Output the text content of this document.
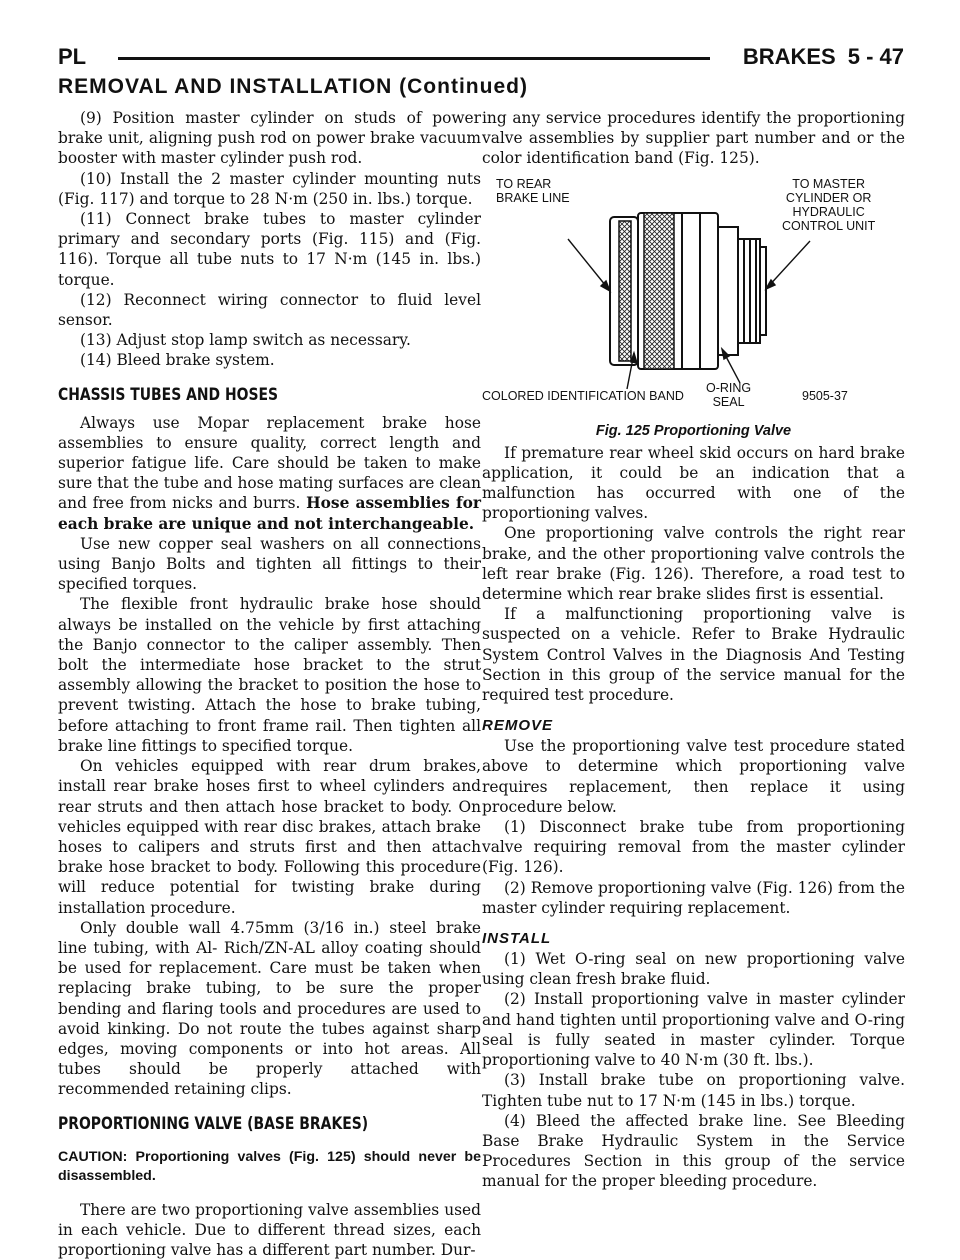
PL	BRAKES 5 - 47
REMOVAL AND INSTALLATION (Continued)

(9) Position master cylinder on studs of power brake unit, aligning push rod on power brake vacuum booster with master cylinder push rod.

(10) Install the 2 master cylinder mounting nuts (Fig. 117) and torque to 28 N·m (250 in. lbs.) torque.

(11) Connect brake tubes to master cylinder primary and secondary ports (Fig. 115) and (Fig. 116). Torque all tube nuts to 17 N·m (145 in. lbs.) torque.

(12) Reconnect wiring connector to fluid level sensor.

(13) Adjust stop lamp switch as necessary.

(14) Bleed brake system.

CHASSIS TUBES AND HOSES

Always use Mopar replacement brake hose assemblies to ensure quality, correct length and superior fatigue life. Care should be taken to make sure that the tube and hose mating surfaces are clean and free from nicks and burrs. Hose assemblies for each brake are unique and not interchangeable.

Use new copper seal washers on all connections using Banjo Bolts and tighten all fittings to their specified torques.

The flexible front hydraulic brake hose should always be installed on the vehicle by first attaching the Banjo connector to the caliper assembly. Then bolt the intermediate hose bracket to the strut assembly allowing the bracket to position the hose to prevent twisting. Attach the hose to brake tubing, before attaching to front frame rail. Then tighten all brake line fittings to specified torque.

On vehicles equipped with rear drum brakes, install rear brake hoses first to wheel cylinders and rear struts and then attach hose bracket to body. On vehicles equipped with rear disc brakes, attach brake hoses to calipers and struts first and then attach brake hose bracket to body. Following this procedure will reduce potential for twisting brake during installation procedure.

Only double wall 4.75mm (3/16 in.) steel brake line tubing, with Al- Rich/ZN-AL alloy coating should be used for replacement. Care must be taken when replacing brake tubing, to be sure the proper bending and flaring tools and procedures are used to avoid kinking. Do not route the tubes against sharp edges, moving components or into hot areas. All tubes should be properly attached with recommended retaining clips.

PROPORTIONING VALVE (BASE BRAKES)

CAUTION: Proportioning valves (Fig. 125) should never be disassembled.

There are two proportioning valve assemblies used in each vehicle. Due to different thread sizes, each proportioning valve has a different part number. Dur-

ing any service procedures identify the proportioning valve assemblies by supplier part number and or the color identification band (Fig. 125).

TO REAR
BRAKE LINE
TO MASTER
CYLINDER OR
HYDRAULIC
CONTROL UNIT
COLORED IDENTIFICATION BAND
O-RING
SEAL	9505-37
Fig. 125 Proportioning Valve

If premature rear wheel skid occurs on hard brake application, it could be an indication that a malfunction has occurred with one of the proportioning valves.

One proportioning valve controls the right rear brake, and the other proportioning valve controls the left rear brake (Fig. 126). Therefore, a road test to determine which rear brake slides first is essential.

If a malfunctioning proportioning valve is suspected on a vehicle. Refer to Brake Hydraulic System Control Valves in the Diagnosis And Testing Section in this group of the service manual for the required test procedure.

REMOVE

Use the proportioning valve test procedure stated above to determine which proportioning valve requires replacement, then replace it using procedure below.

(1) Disconnect brake tube from proportioning valve requiring removal from the master cylinder (Fig. 126).

(2) Remove proportioning valve (Fig. 126) from the master cylinder requiring replacement.

INSTALL

(1) Wet O-ring seal on new proportioning valve using clean fresh brake fluid.

(2) Install proportioning valve in master cylinder and hand tighten until proportioning valve and O-ring seal is fully seated in master cylinder. Torque proportioning valve to 40 N·m (30 ft. lbs.).

(3) Install brake tube on proportioning valve. Tighten tube nut to 17 N·m (145 in lbs.) torque.

(4) Bleed the affected brake line. See Bleeding Base Brake Hydraulic System in the Service Procedures Section in this group of the service manual for the proper bleeding procedure.
